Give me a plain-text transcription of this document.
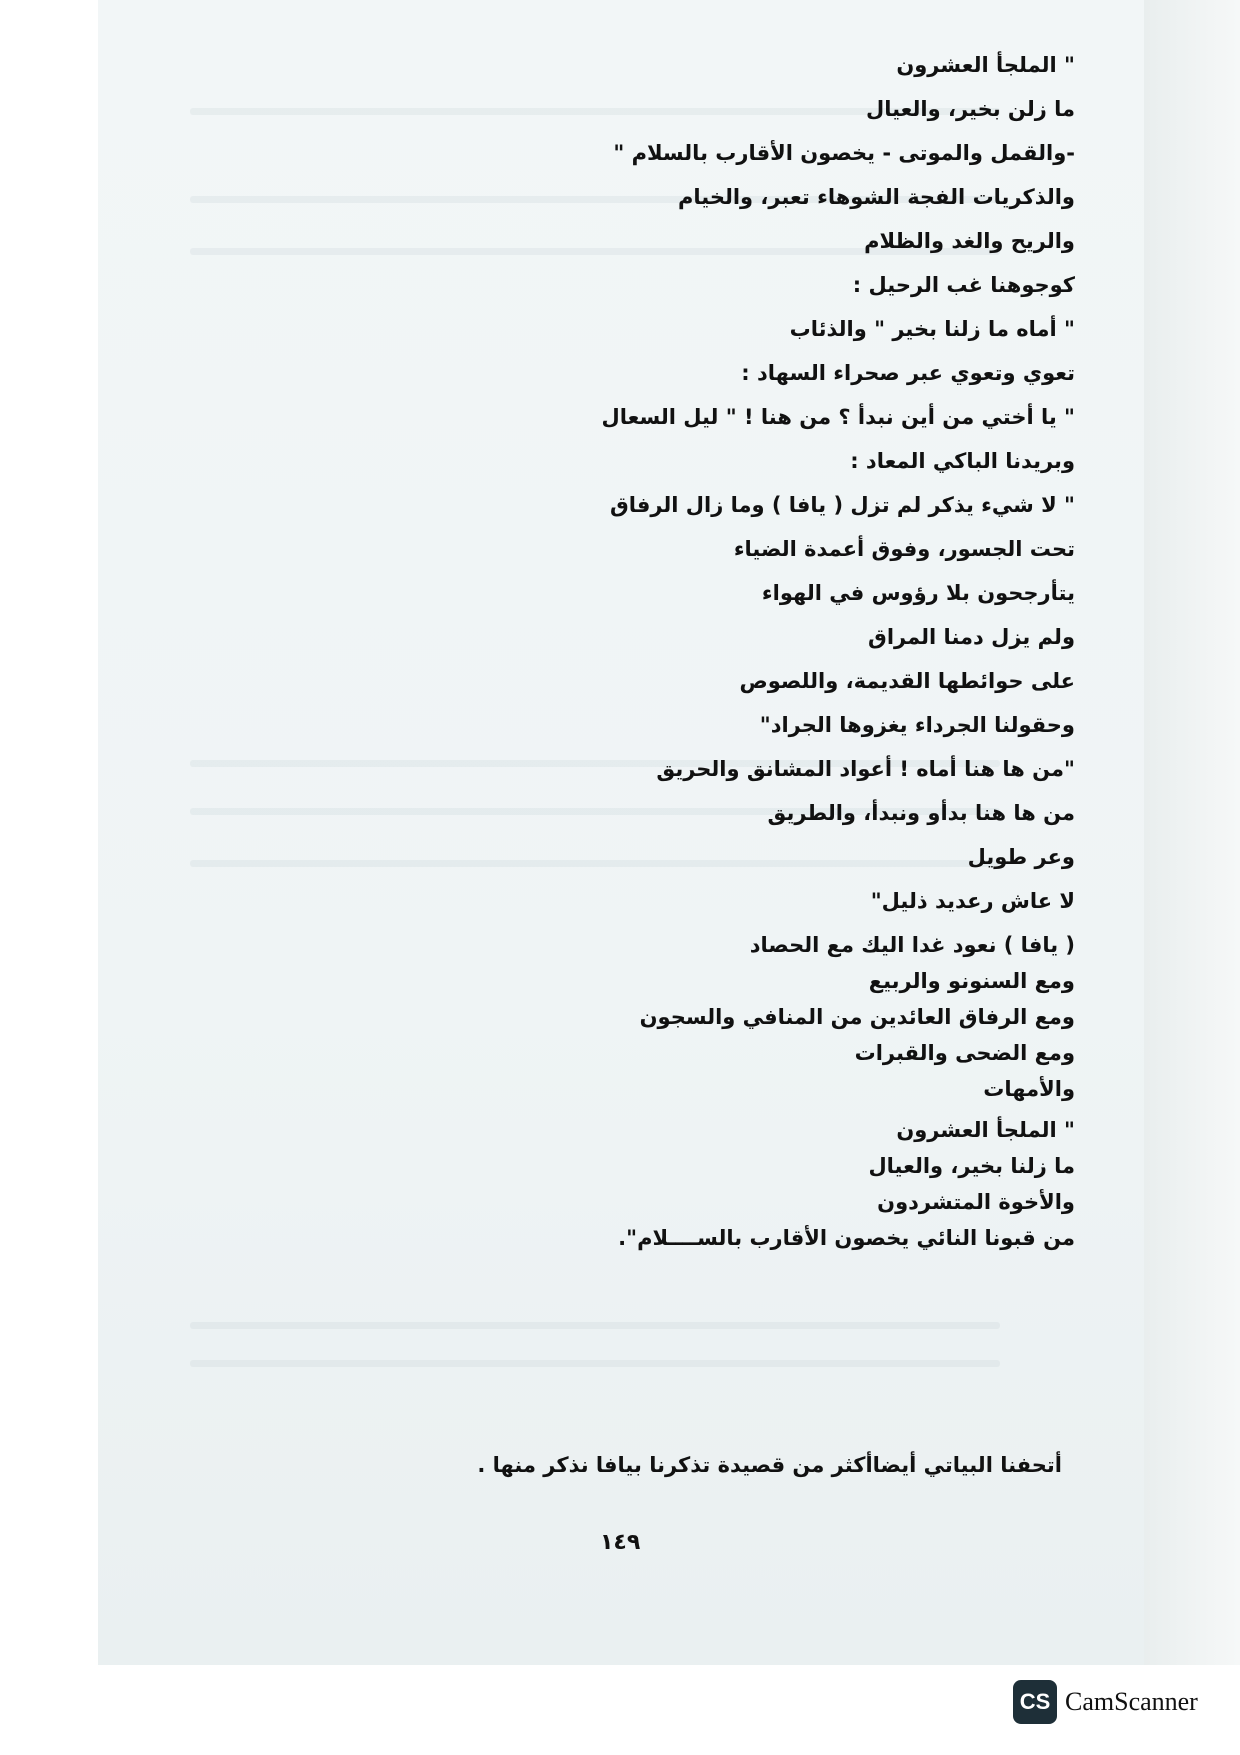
" الملجأ العشرون
ما زلن بخير، والعيال
-والقمل والموتى - يخصون الأقارب بالسلام "
والذكريات الفجة الشوهاء تعبر، والخيام
والريح والغد والظلام
كوجوهنا غب الرحيل :
" أماه ما زلنا بخير " والذئاب
تعوي وتعوي عبر صحراء السهاد :
" يا أختي من أين نبدأ ؟ من هنا ! " ليل السعال
وبريدنا الباكي المعاد :
" لا شيء يذكر لم تزل ( يافا ) وما زال الرفاق
تحت الجسور، وفوق أعمدة الضياء
يتأرجحون بلا رؤوس في الهواء
ولم يزل دمنا المراق
على حوائطها القديمة، واللصوص
وحقولنا الجرداء يغزوها الجراد"
"من ها هنا أماه ! أعواد المشانق والحريق
من ها هنا بدأو ونبدأ، والطريق
وعر طويل
لا عاش رعديد ذليل"
( يافا ) نعود غدا اليك مع الحصاد
ومع السنونو والربيع
ومع الرفاق العائدين من المنافي والسجون
ومع الضحى والقبرات
والأمهات
" الملجأ العشرون
ما زلنا بخير، والعيال
والأخوة المتشردون
من قبونا النائي يخصون الأقارب بالســــلام".
أتحفنا البياتي أيضاأكثر من قصيدة تذكرنا بيافا نذكر منها .
١٤٩
CS CamScanner
